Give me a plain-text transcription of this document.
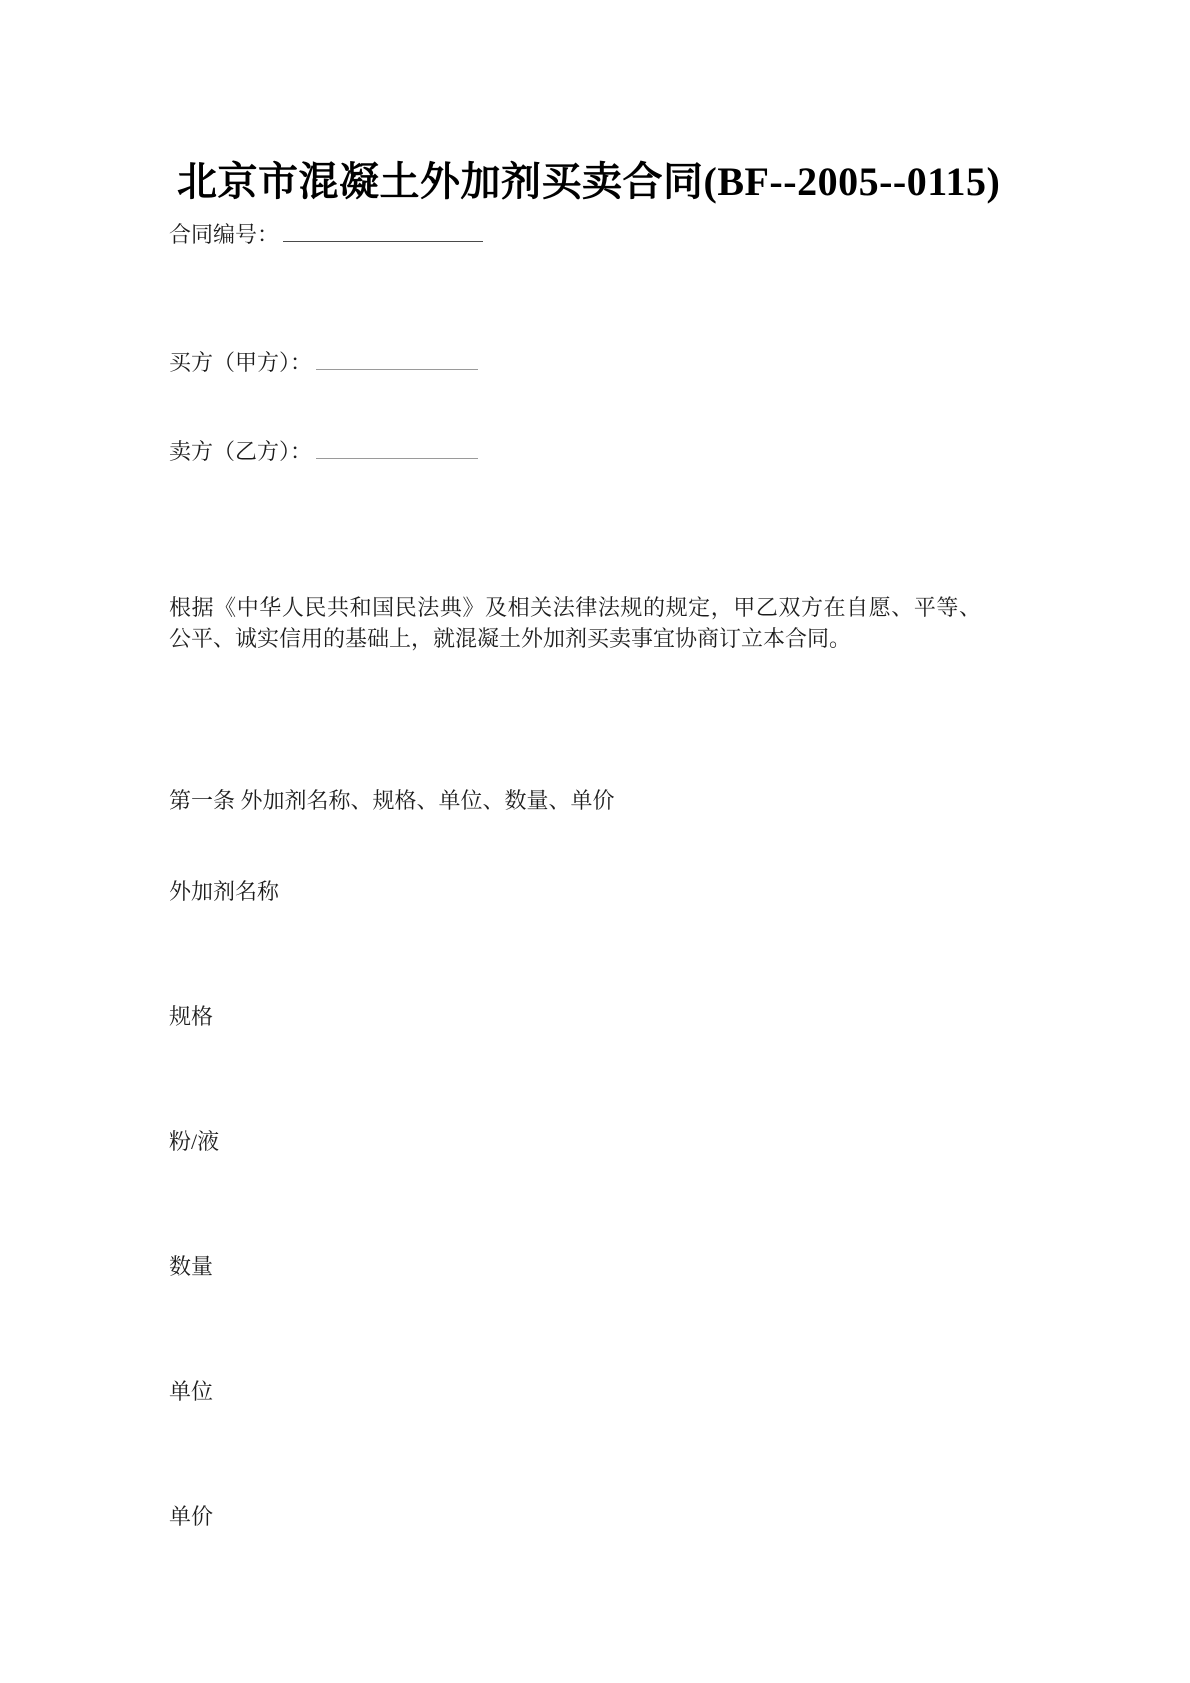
北京市混凝土外加剂买卖合同(BF--2005--0115)
合同编号：
买方（甲方）：
卖方（乙方）：

根据《中华人民共和国民法典》及相关法律法规的规定，甲乙双方在自愿、平等、公平、诚实信用的基础上，就混凝土外加剂买卖事宜协商订立本合同。

第一条 外加剂名称、规格、单位、数量、单价
外加剂名称
规格
粉/液
数量
单位
单价
